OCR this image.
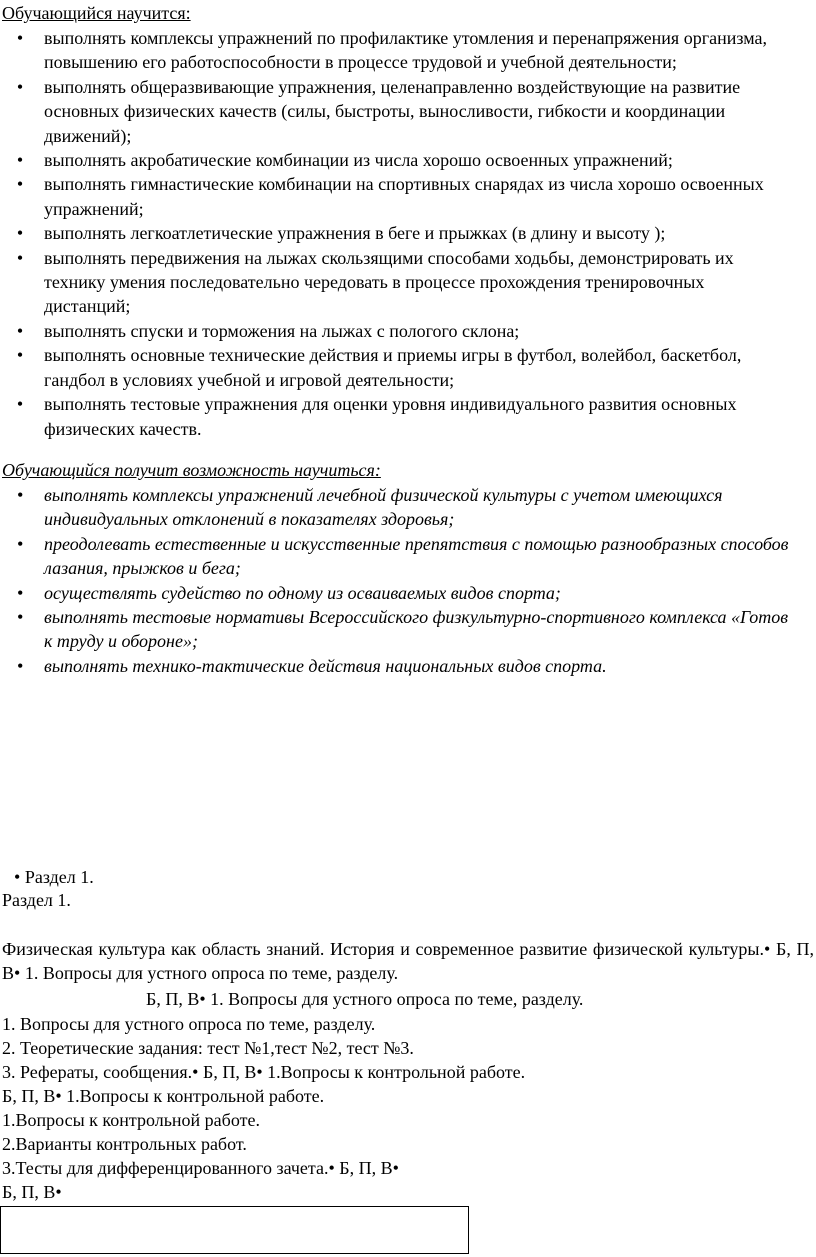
Обучающийся научится:
•	выполнять комплексы упражнений по профилактике утомления и перенапряжения организма, повышению его работоспособности в процессе трудовой и учебной деятельности;
•	выполнять общеразвивающие упражнения, целенаправленно воздействующие на развитие основных физических качеств (силы, быстроты, выносливости, гибкости и координации движений);
•	выполнять акробатические комбинации из числа хорошо освоенных упражнений;
•	выполнять гимнастические комбинации на спортивных снарядах из числа хорошо освоенных упражнений;
•	выполнять легкоатлетические упражнения в беге и прыжках (в длину и высоту );
•	выполнять передвижения на лыжах скользящими способами ходьбы, демонстрировать их технику умения последовательно чередовать в процессе прохождения тренировочных дистанций;
•	выполнять спуски и торможения на лыжах с пологого склона;
•	выполнять основные технические действия и приемы игры в футбол, волейбол, баскетбол, гандбол в условиях учебной и игровой деятельности;
•	выполнять тестовые упражнения для оценки уровня индивидуального развития основных физических качеств.
Обучающийся получит возможность научиться:
•	выполнять комплексы упражнений лечебной физической культуры с учетом имеющихся индивидуальных отклонений в показателях здоровья;
•	преодолевать естественные и искусственные препятствия с помощью разнообразных способов лазания, прыжков и бега;
•	осуществлять судейство по одному из осваиваемых видов спорта;
•	выполнять тестовые нормативы Всероссийского физкультурно-спортивного комплекса «Готов к труду и обороне»;
•	выполнять технико-тактические действия национальных видов спорта.
• Раздел 1.
Раздел 1.
Физическая культура как область знаний. История и современное развитие физической культуры.• Б, П, В• 1. Вопросы для устного опроса по теме, разделу.
Б, П, В• 1. Вопросы для устного опроса по теме, разделу.
1. Вопросы для устного опроса по теме, разделу.
2. Теоретические задания: тест №1,тест №2, тест №3.
3. Рефераты, сообщения.• Б, П, В• 1.Вопросы к контрольной работе.
Б, П, В• 1.Вопросы к контрольной работе.
1.Вопросы к контрольной работе.
2.Варианты контрольных работ.
3.Тесты для дифференцированного зачета.• Б, П, В•
Б, П, В•
